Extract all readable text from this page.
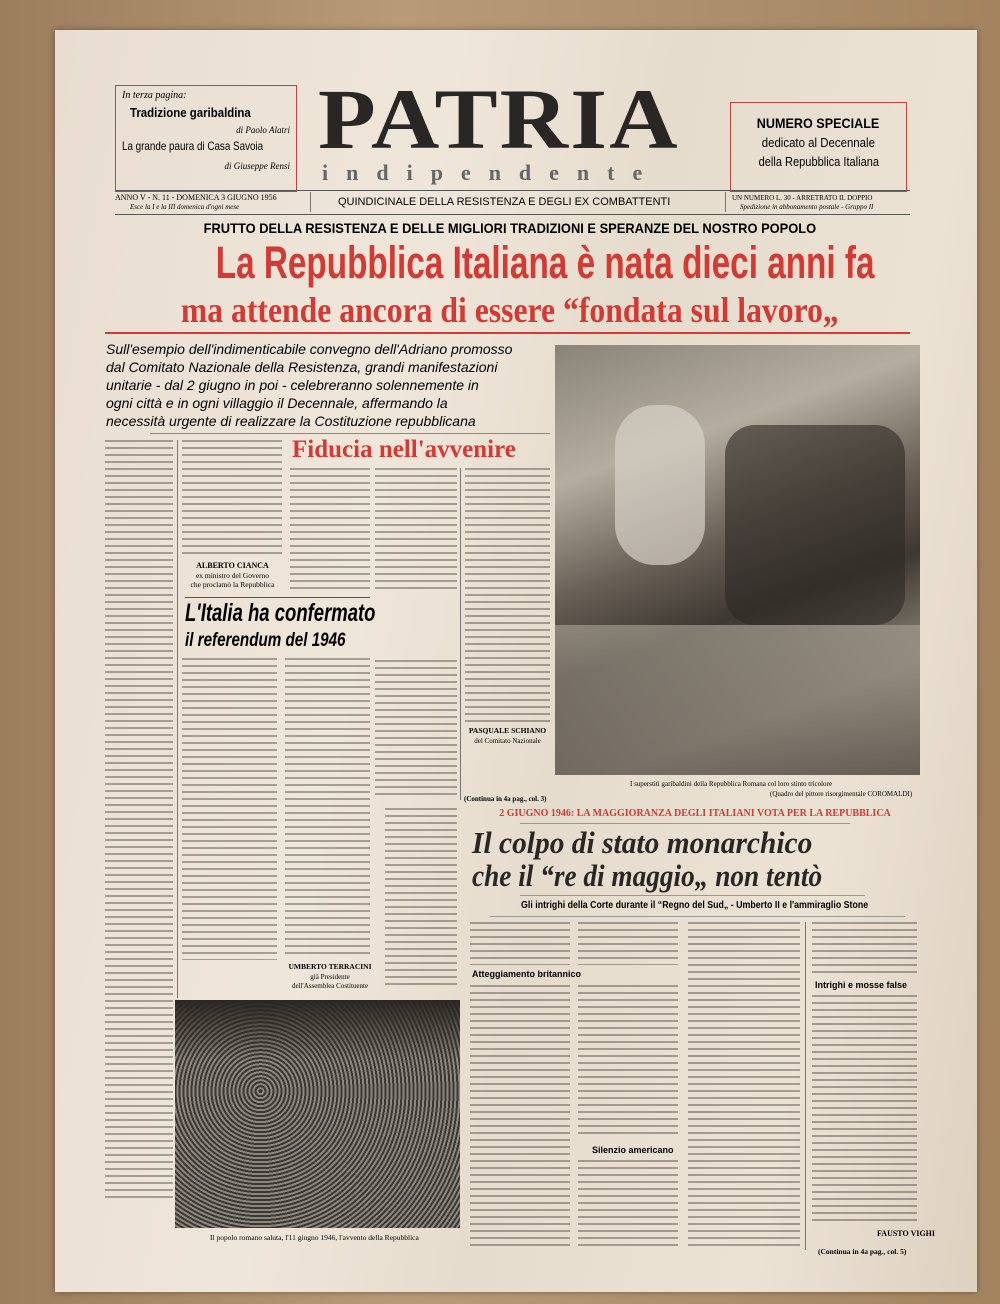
In terza pagina:
Tradizione garibaldina
di Paolo Alatri
La grande paura di Casa Savoia
di Giuseppe Rensi PATRIA
indipendente
NUMERO SPECIALE
dedicato al Decennale
della Repubblica Italiana
ANNO V - N. 11 - DOMENICA 3 GIUGNO 1956
Esce la I e la III domenica d'ogni mese	QUINDICINALE DELLA RESISTENZA E DEGLI EX COMBATTENTI	UN NUMERO L. 30 - ARRETRATO IL DOPPIO
Spedizione in abbonamento postale - Gruppo II
FRUTTO DELLA RESISTENZA E DELLE MIGLIORI TRADIZIONI E SPERANZE DEL NOSTRO POPOLO
La Repubblica Italiana è nata dieci anni fa
ma attende ancora di essere “fondata sul lavoro„
Sull'esempio dell'indimenticabile convegno dell'Adriano promosso
dal Comitato Nazionale della Resistenza, grandi manifestazioni
unitarie - dal 2 giugno in poi - celebreranno solennemente in
ogni città e in ogni villaggio il Decennale, affermando la
necessità urgente di realizzare la Costituzione repubblicana
I superstiti garibaldini della Repubblica Romana col loro stinto tricolore
(Quadro del pittore risorgimentale COROMALDI)
ALBERTO CIANCA
ex ministro del Governo
che proclamò la Repubblica
Fiducia nell'avvenire
PASQUALE SCHIANO
del Comitato Nazionale
(Continua in 4a pag., col. 3)
L'Italia ha confermato
il referendum del 1946
UMBERTO TERRACINI
già Presidente
dell'Assemblea Costituente
Il popolo romano saluta, l'11 giugno 1946, l'avvento della Repubblica
2 GIUGNO 1946: LA MAGGIORANZA DEGLI ITALIANI VOTA PER LA REPUBBLICA
Il colpo di stato monarchico
che il “re di maggio„ non tentò
Gli intrighi della Corte durante il “Regno del Sud„ - Umberto II e l'ammiraglio Stone
Atteggiamento britannico
Silenzio americano
Intrighi e mosse false
FAUSTO VIGHI
(Continua in 4a pag., col. 5)
